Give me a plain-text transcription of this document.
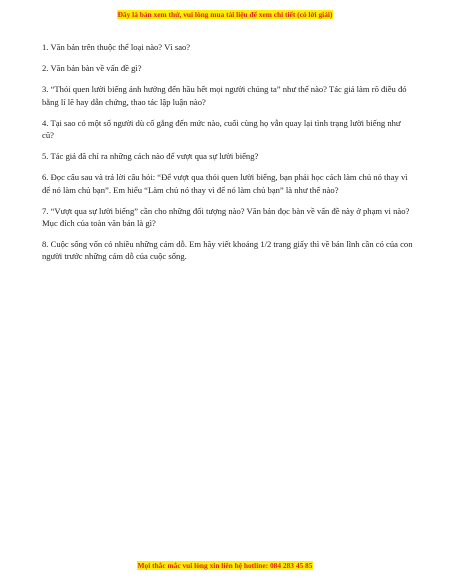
Đây là bản xem thử, vui lòng mua tài liệu để xem chi tiết (có lời giải)

1. Văn bản trên thuộc thể loại nào? Vì sao?

2. Văn bản bàn về vấn đề gì?

3. “Thói quen lười biếng ảnh hưởng đến hầu hết mọi người chúng ta” như thế nào? Tác giả làm rõ điều đó bằng lí lẽ hay dẫn chứng, thao tác lập luận nào?

4. Tại sao có một số người dù cố gắng đến mức nào, cuối cùng họ vẫn quay lại tình trạng lười biếng như cũ?

5. Tác giả đã chỉ ra những cách nào để vượt qua sự lười biếng?

6. Đọc câu sau và trả lời câu hỏi: “Để vượt qua thói quen lười biếng, bạn phải học cách làm chủ nó thay vì để nó làm chủ bạn”. Em hiểu “Làm chủ nó thay vì để nó làm chủ bạn” là như thế nào?

7. “Vượt qua sự lười biếng” cần cho những đối tượng nào? Văn bản đọc bàn về vấn đề này ở phạm vi nào? Mục đích của toàn văn bản là gì?

8. Cuộc sống vốn có nhiều những cám dỗ. Em hãy viết khoảng 1/2 trang giấy thì về bản lĩnh cần có của con người trước những cám dỗ của cuộc sống.

Mọi thắc mắc vui lòng xin liên hệ hotline: 084 283 45 85
